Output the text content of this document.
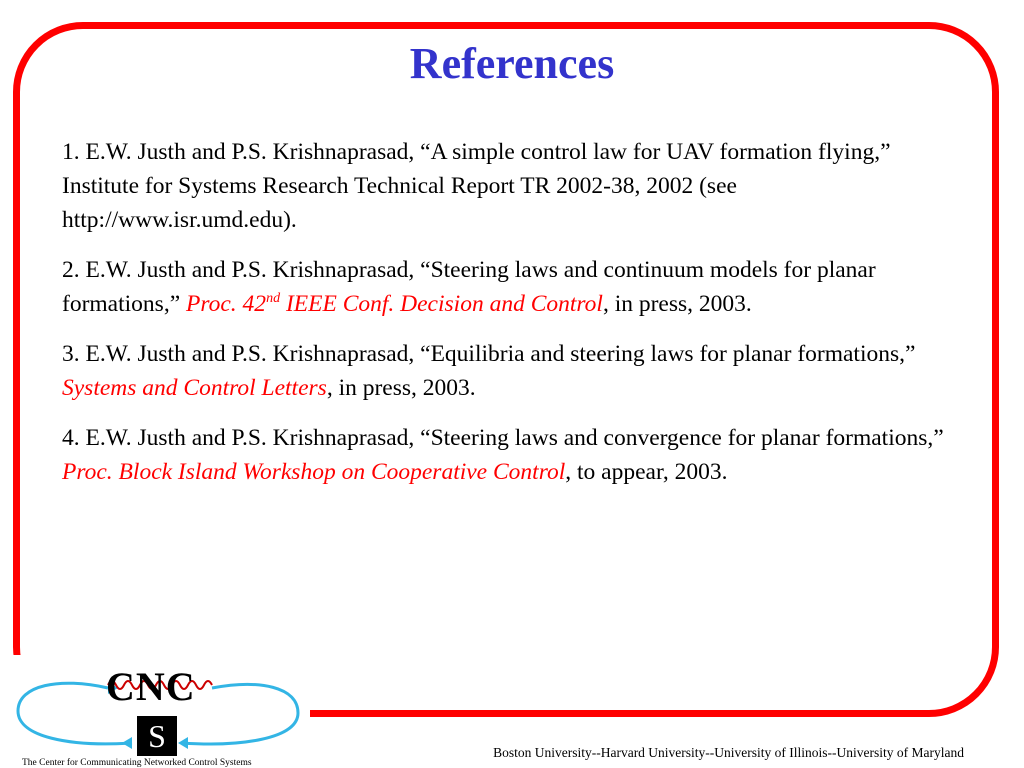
References

1. E.W. Justh and P.S. Krishnaprasad, “A simple control law for UAV formation flying,” Institute for Systems Research Technical Report TR 2002-38, 2002 (see http://www.isr.umd.edu).

2. E.W. Justh and P.S. Krishnaprasad, “Steering laws and continuum models for planar formations,” Proc. 42nd IEEE Conf. Decision and Control, in press, 2003.

3. E.W. Justh and P.S. Krishnaprasad, “Equilibria and steering laws for planar formations,” Systems and Control Letters, in press, 2003.

4. E.W. Justh and P.S. Krishnaprasad, “Steering laws and convergence for planar formations,” Proc. Block Island Workshop on Cooperative Control, to appear, 2003.

CNC
S
The Center for Communicating Networked Control Systems
Boston University--Harvard University--University of Illinois--University of Maryland
